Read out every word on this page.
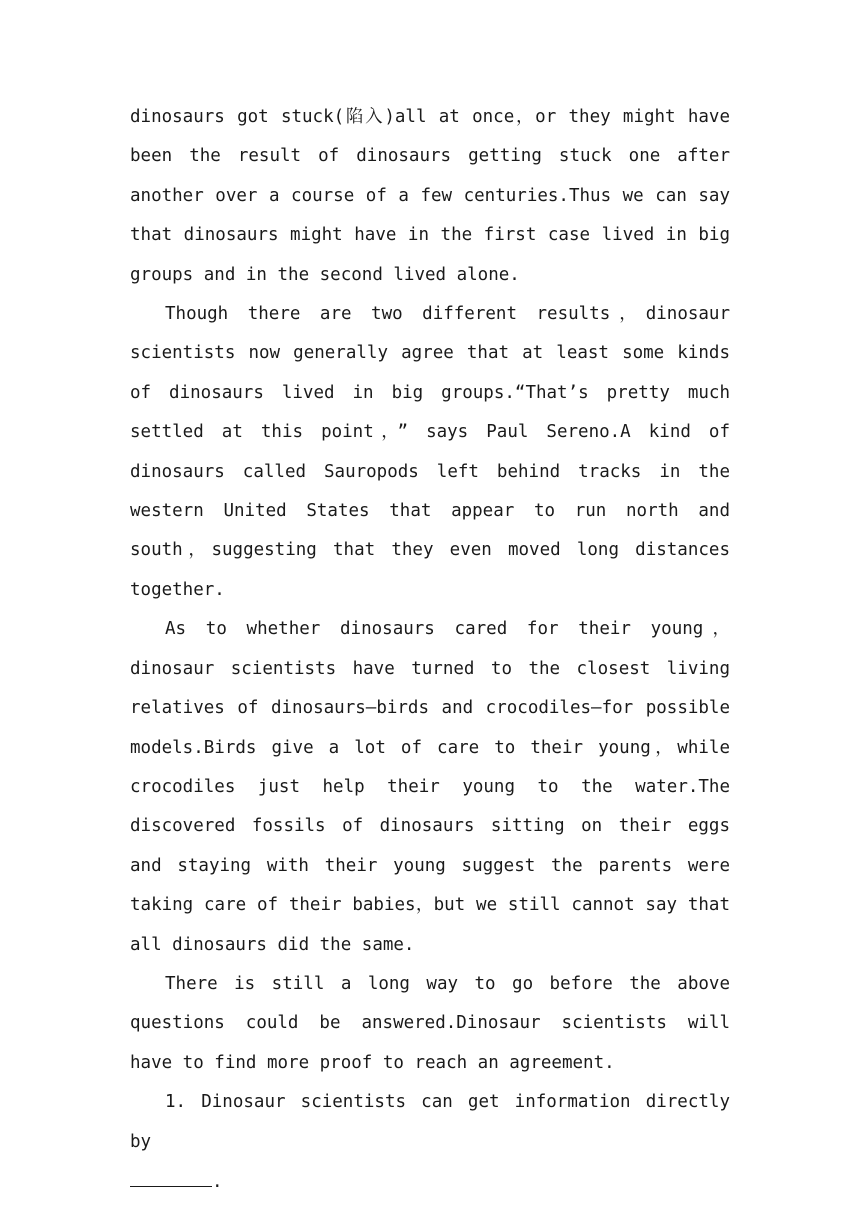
dinosaurs got stuck(陷入)all at once，or they might have been the result of dinosaurs getting stuck one after another over a course of a few centuries.Thus we can say that dinosaurs might have in the first case lived in big groups and in the second lived alone.

Though there are two different results，dinosaur scientists now generally agree that at least some kinds of dinosaurs lived in big groups.“That’s pretty much settled at this point，” says Paul Sereno.A kind of dinosaurs called Sauropods left behind tracks in the western United States that appear to run north and south，suggesting that they even moved long distances together.

As to whether dinosaurs cared for their young，dinosaur scientists have turned to the closest living relatives of dinosaurs—birds and crocodiles—for possible models.Birds give a lot of care to their young，while crocodiles just help their young to the water.The discovered fossils of dinosaurs sitting on their eggs and staying with their young suggest the parents were taking care of their babies，but we still cannot say that all dinosaurs did the same.

There is still a long way to go before the above questions could be answered.Dinosaur scientists will have to find more proof to reach an agreement.

1. Dinosaur scientists can get information directly by
.
